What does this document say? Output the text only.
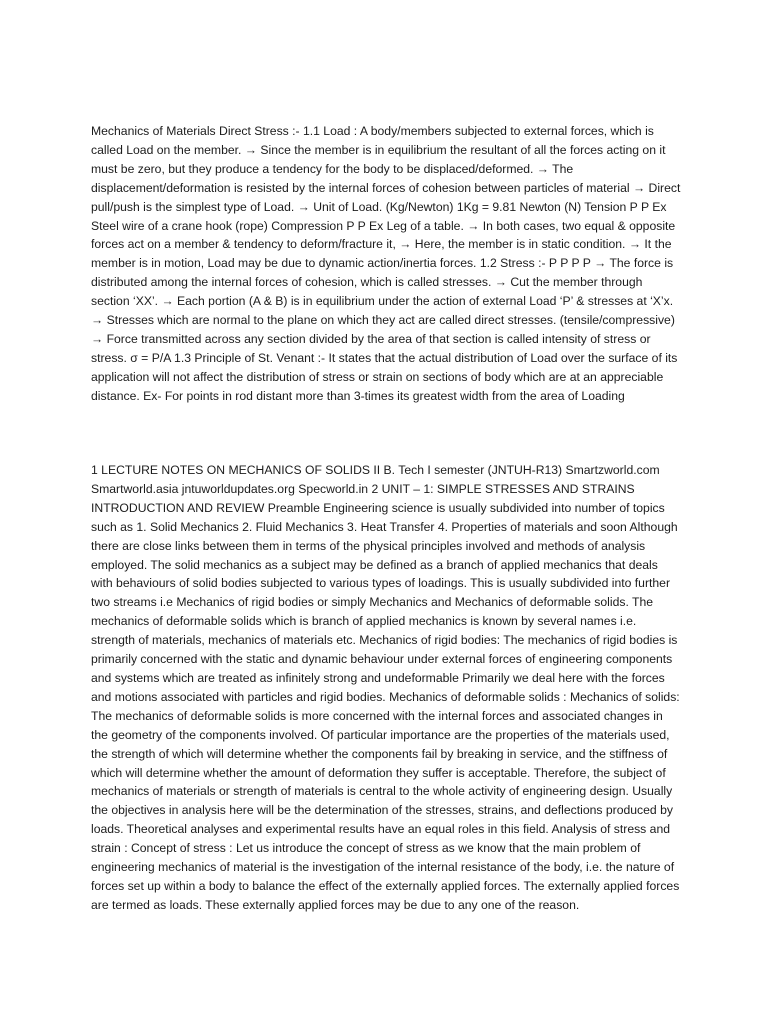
Mechanics of Materials Direct Stress :- 1.1 Load : A body/members subjected to external forces, which is called Load on the member. → Since the member is in equilibrium the resultant of all the forces acting on it must be zero, but they produce a tendency for the body to be displaced/deformed. → The displacement/deformation is resisted by the internal forces of cohesion between particles of material → Direct pull/push is the simplest type of Load. → Unit of Load. (Kg/Newton) 1Kg = 9.81 Newton (N) Tension P P Ex Steel wire of a crane hook (rope) Compression P P Ex Leg of a table. → In both cases, two equal & opposite forces act on a member & tendency to deform/fracture it, → Here, the member is in static condition. → It the member is in motion, Load may be due to dynamic action/inertia forces. 1.2 Stress :- P P P P → The force is distributed among the internal forces of cohesion, which is called stresses. → Cut the member through section ‘XX’. → Each portion (A & B) is in equilibrium under the action of external Load ‘P’ & stresses at ‘X’x. → Stresses which are normal to the plane on which they act are called direct stresses. (tensile/compressive) → Force transmitted across any section divided by the area of that section is called intensity of stress or stress. σ = P/A 1.3 Principle of St. Venant :- It states that the actual distribution of Load over the surface of its application will not affect the distribution of stress or strain on sections of body which are at an appreciable distance. Ex- For points in rod distant more than 3-times its greatest width from the area of Loading

1 LECTURE NOTES ON MECHANICS OF SOLIDS II B. Tech I semester (JNTUH-R13) Smartzworld.com Smartworld.asia jntuworldupdates.org Specworld.in 2 UNIT – 1: SIMPLE STRESSES AND STRAINS INTRODUCTION AND REVIEW Preamble Engineering science is usually subdivided into number of topics such as 1. Solid Mechanics 2. Fluid Mechanics 3. Heat Transfer 4. Properties of materials and soon Although there are close links between them in terms of the physical principles involved and methods of analysis employed. The solid mechanics as a subject may be defined as a branch of applied mechanics that deals with behaviours of solid bodies subjected to various types of loadings. This is usually subdivided into further two streams i.e Mechanics of rigid bodies or simply Mechanics and Mechanics of deformable solids. The mechanics of deformable solids which is branch of applied mechanics is known by several names i.e. strength of materials, mechanics of materials etc. Mechanics of rigid bodies: The mechanics of rigid bodies is primarily concerned with the static and dynamic behaviour under external forces of engineering components and systems which are treated as infinitely strong and undeformable Primarily we deal here with the forces and motions associated with particles and rigid bodies. Mechanics of deformable solids : Mechanics of solids: The mechanics of deformable solids is more concerned with the internal forces and associated changes in the geometry of the components involved. Of particular importance are the properties of the materials used, the strength of which will determine whether the components fail by breaking in service, and the stiffness of which will determine whether the amount of deformation they suffer is acceptable. Therefore, the subject of mechanics of materials or strength of materials is central to the whole activity of engineering design. Usually the objectives in analysis here will be the determination of the stresses, strains, and deflections produced by loads. Theoretical analyses and experimental results have an equal roles in this field. Analysis of stress and strain : Concept of stress : Let us introduce the concept of stress as we know that the main problem of engineering mechanics of material is the investigation of the internal resistance of the body, i.e. the nature of forces set up within a body to balance the effect of the externally applied forces. The externally applied forces are termed as loads. These externally applied forces may be due to any one of the reason.
